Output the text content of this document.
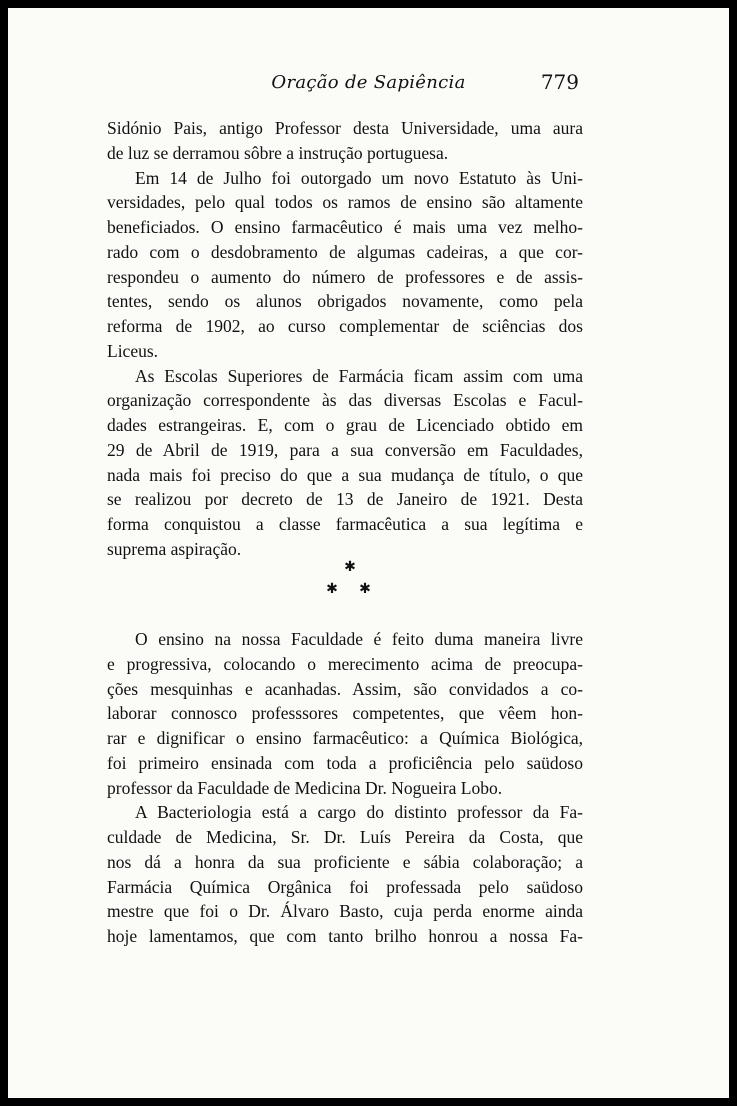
Oração de Sapiência	779
Sidónio Pais, antigo Professor desta Universidade, uma aura
de luz se derramou sôbre a instrução portuguesa.
Em 14 de Julho foi outorgado um novo Estatuto às Uni-
versidades, pelo qual todos os ramos de ensino são altamente
beneficiados. O ensino farmacêutico é mais uma vez melho-
rado com o desdobramento de algumas cadeiras, a que cor-
respondeu o aumento do número de professores e de assis-
tentes, sendo os alunos obrigados novamente, como pela
reforma de 1902, ao curso complementar de sciências dos
Liceus.
As Escolas Superiores de Farmácia ficam assim com uma
organização correspondente às das diversas Escolas e Facul-
dades estrangeiras. E, com o grau de Licenciado obtido em
29 de Abril de 1919, para a sua conversão em Faculdades,
nada mais foi preciso do que a sua mudança de título, o que
se realizou por decreto de 13 de Janeiro de 1921. Desta
forma conquistou a classe farmacêutica a sua legítima e
suprema aspiração.
✱
✱ ✱
O ensino na nossa Faculdade é feito duma maneira livre
e progressiva, colocando o merecimento acima de preocupa-
ções mesquinhas e acanhadas. Assim, são convidados a co-
laborar connosco professsores competentes, que vêem hon-
rar e dignificar o ensino farmacêutico: a Química Biológica,
foi primeiro ensinada com toda a proficiência pelo saüdoso
professor da Faculdade de Medicina Dr. Nogueira Lobo.
A Bacteriologia está a cargo do distinto professor da Fa-
culdade de Medicina, Sr. Dr. Luís Pereira da Costa, que
nos dá a honra da sua proficiente e sábia colaboração; a
Farmácia Química Orgânica foi professada pelo saüdoso
mestre que foi o Dr. Álvaro Basto, cuja perda enorme ainda
hoje lamentamos, que com tanto brilho honrou a nossa Fa-
